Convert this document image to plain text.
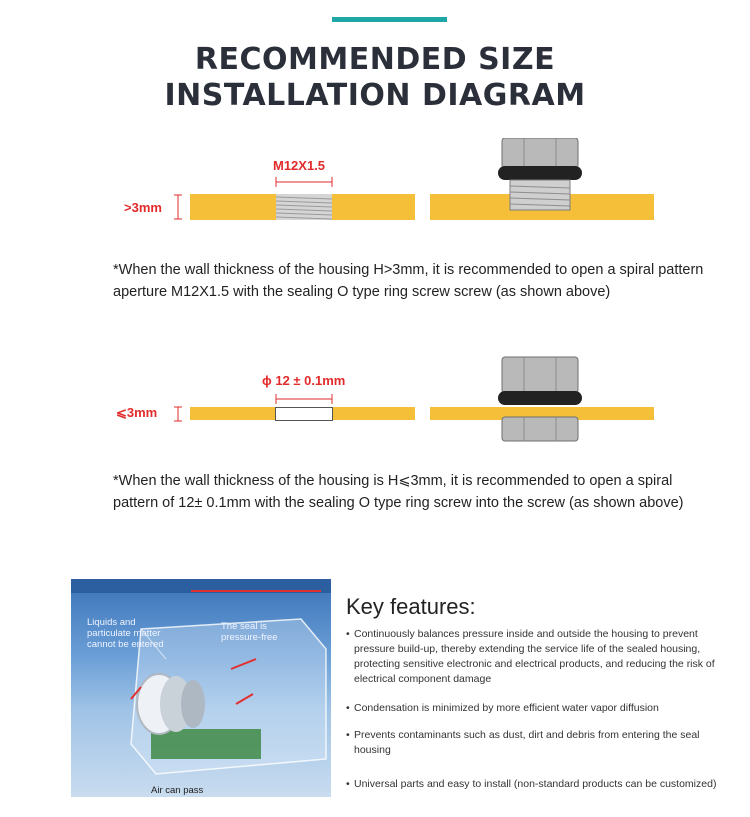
RECOMMENDED SIZE
INSTALLATION DIAGRAM
>3mm
M12X1.5
*When the wall thickness of the housing H>3mm, it is recommended to open a spiral pattern aperture M12X1.5 with the sealing O type ring screw screw (as shown above)
⩽3mm
ɸ 12 ± 0.1mm
*When the wall thickness of the housing is H⩽3mm, it is recommended to open a spiral pattern of 12± 0.1mm with the sealing O type ring screw into the screw (as shown above)
Liquids and particulate matter cannot be entered
The seal is pressure-free
Air can pass
Key features:
• Continuously balances pressure inside and outside the housing to prevent pressure build-up, thereby extending the service life of the sealed housing, protecting sensitive electronic and electrical products, and reducing the risk of electrical component damage
• Condensation is minimized by more efficient water vapor diffusion
• Prevents contaminants such as dust, dirt and debris from entering the seal housing
• Universal parts and easy to install (non-standard products can be customized)
